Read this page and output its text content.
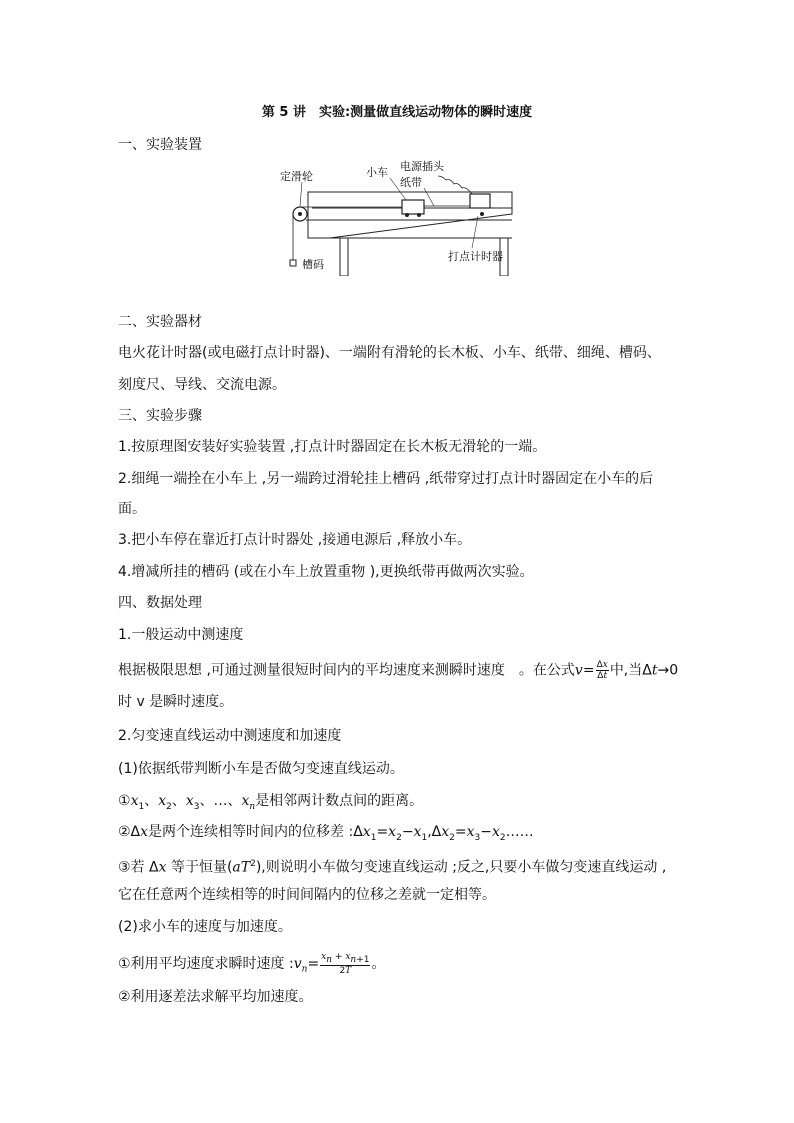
第 5 讲　实验:测量做直线运动物体的瞬时速度
一、实验装置
定滑轮	小车 电源插头
纸带
槽码
打点计时器
二、实验器材
电火花计时器(或电磁打点计时器)、一端附有滑轮的长木板、小车、纸带、细绳、槽码、
刻度尺、导线、交流电源。
三、实验步骤
1.按原理图安装好实验装置 ,打点计时器固定在长木板无滑轮的一端。
2.细绳一端拴在小车上 ,另一端跨过滑轮挂上槽码 ,纸带穿过打点计时器固定在小车的后
面。
3.把小车停在靠近打点计时器处 ,接通电源后 ,释放小车。
4.增减所挂的槽码 (或在小车上放置重物 ),更换纸带再做两次实验。
四、数据处理
1.一般运动中测速度
根据极限思想 ,可通过测量很短时间内的平均速度来测瞬时速度　。在公式$v= \frac{\Delta x}{\Delta t}$ 中,当Δt→0
时 v 是瞬时速度。
2.匀变速直线运动中测速度和加速度
(1)依据纸带判断小车是否做匀变速直线运动。
$①x_1$、$x_2$、$x_3$、…、$x_n$是相邻两计数点间的距离。
②Δx是两个连续相等时间内的位移差 $:\Delta x_1=x_2-x_1,\Delta x_2=x_3-x_2\dots\dots$
③若 Δx 等于恒量$(aT^2)$,则说明小车做匀变速直线运动 ;反之,只要小车做匀变速直线运动 ,
它在任意两个连续相等的时间间隔内的位移之差就一定相等。
(2)求小车的速度与加速度。
①利用平均速度求瞬时速度 $:v_n= \frac{x_n + x_{n+1}}{2T}$ 。
②利用逐差法求解平均加速度。
